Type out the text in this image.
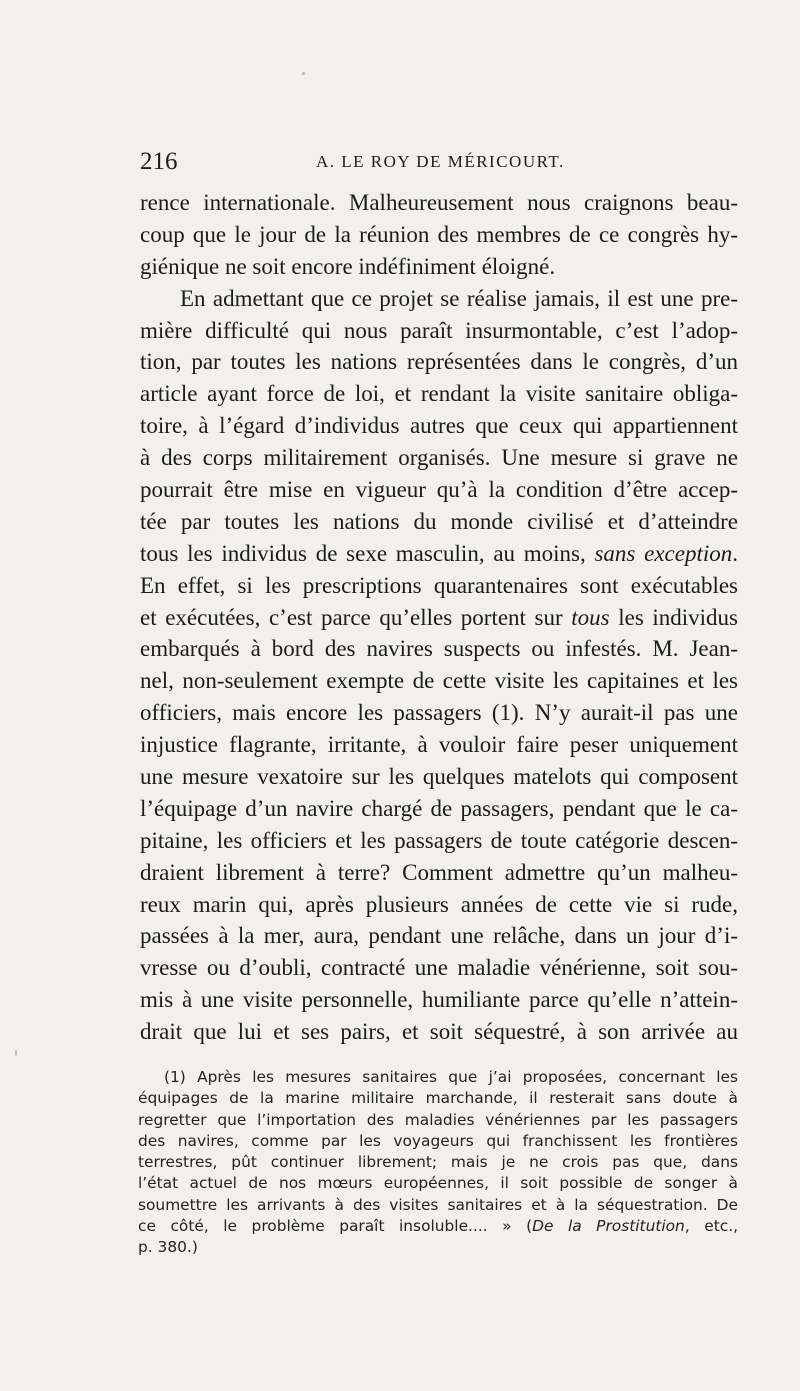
216	A. LE ROY DE MÉRICOURT.
rence internationale. Malheureusement nous craignons beau-
coup que le jour de la réunion des membres de ce congrès hy-
giénique ne soit encore indéfiniment éloigné.
En admettant que ce projet se réalise jamais, il est une pre-
mière difficulté qui nous paraît insurmontable, c’est l’adop-
tion, par toutes les nations représentées dans le congrès, d’un
article ayant force de loi, et rendant la visite sanitaire obliga-
toire, à l’égard d’individus autres que ceux qui appartiennent
à des corps militairement organisés. Une mesure si grave ne
pourrait être mise en vigueur qu’à la condition d’être accep-
tée par toutes les nations du monde civilisé et d’atteindre
tous les individus de sexe masculin, au moins, sans exception.
En effet, si les prescriptions quarantenaires sont exécutables
et exécutées, c’est parce qu’elles portent sur tous les individus
embarqués à bord des navires suspects ou infestés. M. Jean-
nel, non-seulement exempte de cette visite les capitaines et les
officiers, mais encore les passagers (1). N’y aurait-il pas une
injustice flagrante, irritante, à vouloir faire peser uniquement
une mesure vexatoire sur les quelques matelots qui composent
l’équipage d’un navire chargé de passagers, pendant que le ca-
pitaine, les officiers et les passagers de toute catégorie descen-
draient librement à terre? Comment admettre qu’un malheu-
reux marin qui, après plusieurs années de cette vie si rude,
passées à la mer, aura, pendant une relâche, dans un jour d’i-
vresse ou d’oubli, contracté une maladie vénérienne, soit sou-
mis à une visite personnelle, humiliante parce qu’elle n’attein-
drait que lui et ses pairs, et soit séquestré, à son arrivée au
(1) Après les mesures sanitaires que j’ai proposées, concernant les
équipages de la marine militaire marchande, il resterait sans doute à
regretter que l’importation des maladies vénériennes par les passagers
des navires, comme par les voyageurs qui franchissent les frontières
terrestres, pût continuer librement; mais je ne crois pas que, dans
l’état actuel de nos mœurs européennes, il soit possible de songer à
soumettre les arrivants à des visites sanitaires et à la séquestration. De
ce côté, le problème paraît insoluble.... » (De la Prostitution, etc.,
p. 380.)
